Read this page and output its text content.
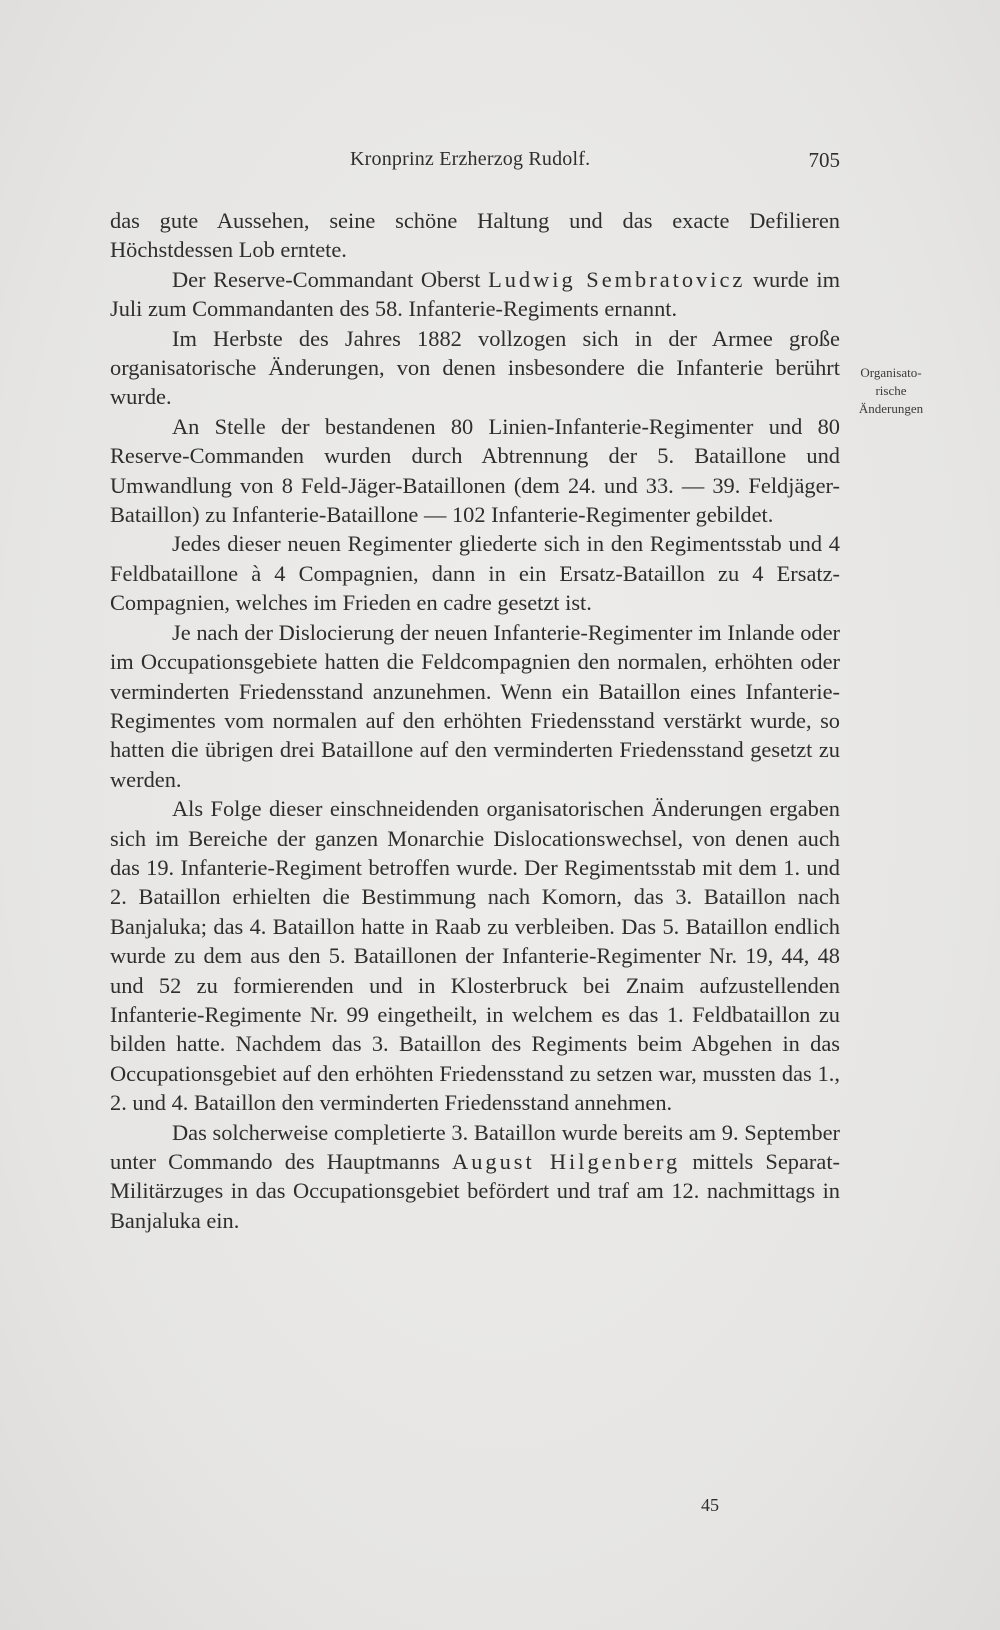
Kronprinz Erzherzog Rudolf.	705

das gute Aussehen, seine schöne Haltung und das exacte Defilieren Höchstdessen Lob erntete.

Der Reserve-Commandant Oberst Ludwig Sembratovicz wurde im Juli zum Commandanten des 58. Infanterie-Regiments ernannt.

Im Herbste des Jahres 1882 vollzogen sich in der Armee große organisatorische Änderungen, von denen insbesondere die Infanterie berührt wurde.

An Stelle der bestandenen 80 Linien-Infanterie-Regimenter und 80 Reserve-Commanden wurden durch Abtrennung der 5. Bataillone und Umwandlung von 8 Feld-Jäger-Bataillonen (dem 24. und 33. — 39. Feldjäger-Bataillon) zu Infanterie-Bataillone — 102 Infanterie-Regimenter gebildet.

Jedes dieser neuen Regimenter gliederte sich in den Regimentsstab und 4 Feldbataillone à 4 Compagnien, dann in ein Ersatz-Bataillon zu 4 Ersatz-Compagnien, welches im Frieden en cadre gesetzt ist.

Je nach der Dislocierung der neuen Infanterie-Regimenter im Inlande oder im Occupationsgebiete hatten die Feldcompagnien den normalen, erhöhten oder verminderten Friedensstand anzunehmen. Wenn ein Bataillon eines Infanterie-Regimentes vom normalen auf den erhöhten Friedensstand verstärkt wurde, so hatten die übrigen drei Bataillone auf den verminderten Friedensstand gesetzt zu werden.

Als Folge dieser einschneidenden organisatorischen Änderungen ergaben sich im Bereiche der ganzen Monarchie Dislocationswechsel, von denen auch das 19. Infanterie-Regiment betroffen wurde. Der Regimentsstab mit dem 1. und 2. Bataillon erhielten die Bestimmung nach Komorn, das 3. Bataillon nach Banjaluka; das 4. Bataillon hatte in Raab zu verbleiben. Das 5. Bataillon endlich wurde zu dem aus den 5. Bataillonen der Infanterie-Regimenter Nr. 19, 44, 48 und 52 zu formierenden und in Klosterbruck bei Znaim aufzustellenden Infanterie-Regimente Nr. 99 eingetheilt, in welchem es das 1. Feldbataillon zu bilden hatte. Nachdem das 3. Bataillon des Regiments beim Abgehen in das Occupationsgebiet auf den erhöhten Friedensstand zu setzen war, mussten das 1., 2. und 4. Bataillon den verminderten Friedensstand annehmen.

Das solcherweise completierte 3. Bataillon wurde bereits am 9. September unter Commando des Hauptmanns August Hilgenberg mittels Separat-Militärzuges in das Occupationsgebiet befördert und traf am 12. nachmittags in Banjaluka ein.

Organisato-
rische
Änderungen
45
